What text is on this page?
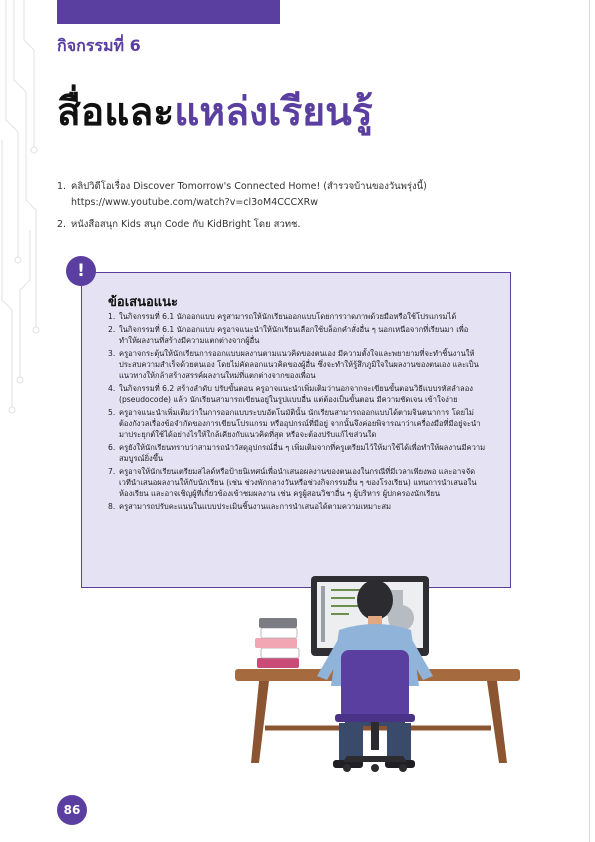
กิจกรรมที่ 6
สื่อและแหล่งเรียนรู้
1. คลิปวิดีโอเรื่อง Discover Tomorrow's Connected Home! (สำรวจบ้านของวันพรุ่งนี้)
https://www.youtube.com/watch?v=cl3oM4CCCXRw
2. หนังสือสนุก Kids สนุก Code กับ KidBright โดย สวทช.
ข้อเสนอแนะ
1. ในกิจกรรมที่ 6.1 นักออกแบบ ครูสามารถให้นักเรียนออกแบบโดยการวาดภาพด้วยมือหรือใช้โปรแกรมได้
2. ในกิจกรรมที่ 6.1 นักออกแบบ ครูอาจแนะนำให้นักเรียนเลือกใช้บล็อกคำสั่งอื่น ๆ นอกเหนือจากที่เรียนมา เพื่อทำให้ผลงานที่สร้างมีความแตกต่างจากผู้อื่น
3. ครูอาจกระตุ้นให้นักเรียนการออกแบบผลงานตามแนวคิดของตนเอง มีความตั้งใจและพยายามที่จะทำชิ้นงานให้ประสบความสำเร็จด้วยตนเอง โดยไม่คัดลอกแนวคิดของผู้อื่น ซึ่งจะทำให้รู้สึกภูมิใจในผลงานของตนเอง และเป็นแนวทางให้กล้าสร้างสรรค์ผลงานใหม่ที่แตกต่างจากของเพื่อน
4. ในกิจกรรมที่ 6.2 สร้างลำดับ ปรับขั้นตอน ครูอาจแนะนำเพิ่มเติมว่านอกจากจะเขียนขั้นตอนวิธีแบบรหัสลำลอง (pseudocode) แล้ว นักเรียนสามารถเขียนอยู่ในรูปแบบอื่น แต่ต้องเป็นขั้นตอน มีความชัดเจน เข้าใจง่าย
5. ครูอาจแนะนำเพิ่มเติมว่าในการออกแบบระบบอัตโนมัตินั้น นักเรียนสามารถออกแบบได้ตามจินตนาการ โดยไม่ต้องกังวลเรื่องข้อจำกัดของการเขียนโปรแกรม หรืออุปกรณ์ที่มีอยู่ จากนั้นจึงค่อยพิจารณาว่าเครื่องมือที่มีอยู่จะนำมาประยุกต์ใช้ได้อย่างไรให้ใกล้เคียงกับแนวคิดที่สุด หรือจะต้องปรับแก้ไขส่วนใด
6. ครูยังให้นักเรียนทราบว่าสามารถนำวัสดุอุปกรณ์อื่น ๆ เพิ่มเติมจากที่ครูเตรียมไว้ให้มาใช้ได้เพื่อทำให้ผลงานมีความสมบูรณ์ยิ่งขึ้น
7. ครูอาจให้นักเรียนเตรียมสไลด์หรือป้ายนิเทศน์เพื่อนำเสนอผลงานของตนเองในกรณีที่มีเวลาเพียงพอ และอาจจัดเวทีนำเสนอผลงานให้กับนักเรียน (เช่น ช่วงพักกลางวันหรือช่วงกิจกรรมอื่น ๆ ของโรงเรียน) แทนการนำเสนอในห้องเรียน และอาจเชิญผู้ที่เกี่ยวข้องเข้าชมผลงาน เช่น ครูผู้สอนวิชาอื่น ๆ ผู้บริหาร ผู้ปกครองนักเรียน
8. ครูสามารถปรับคะแนนในแบบประเมินชิ้นงานและการนำเสนอได้ตามความเหมาะสม
!
86
